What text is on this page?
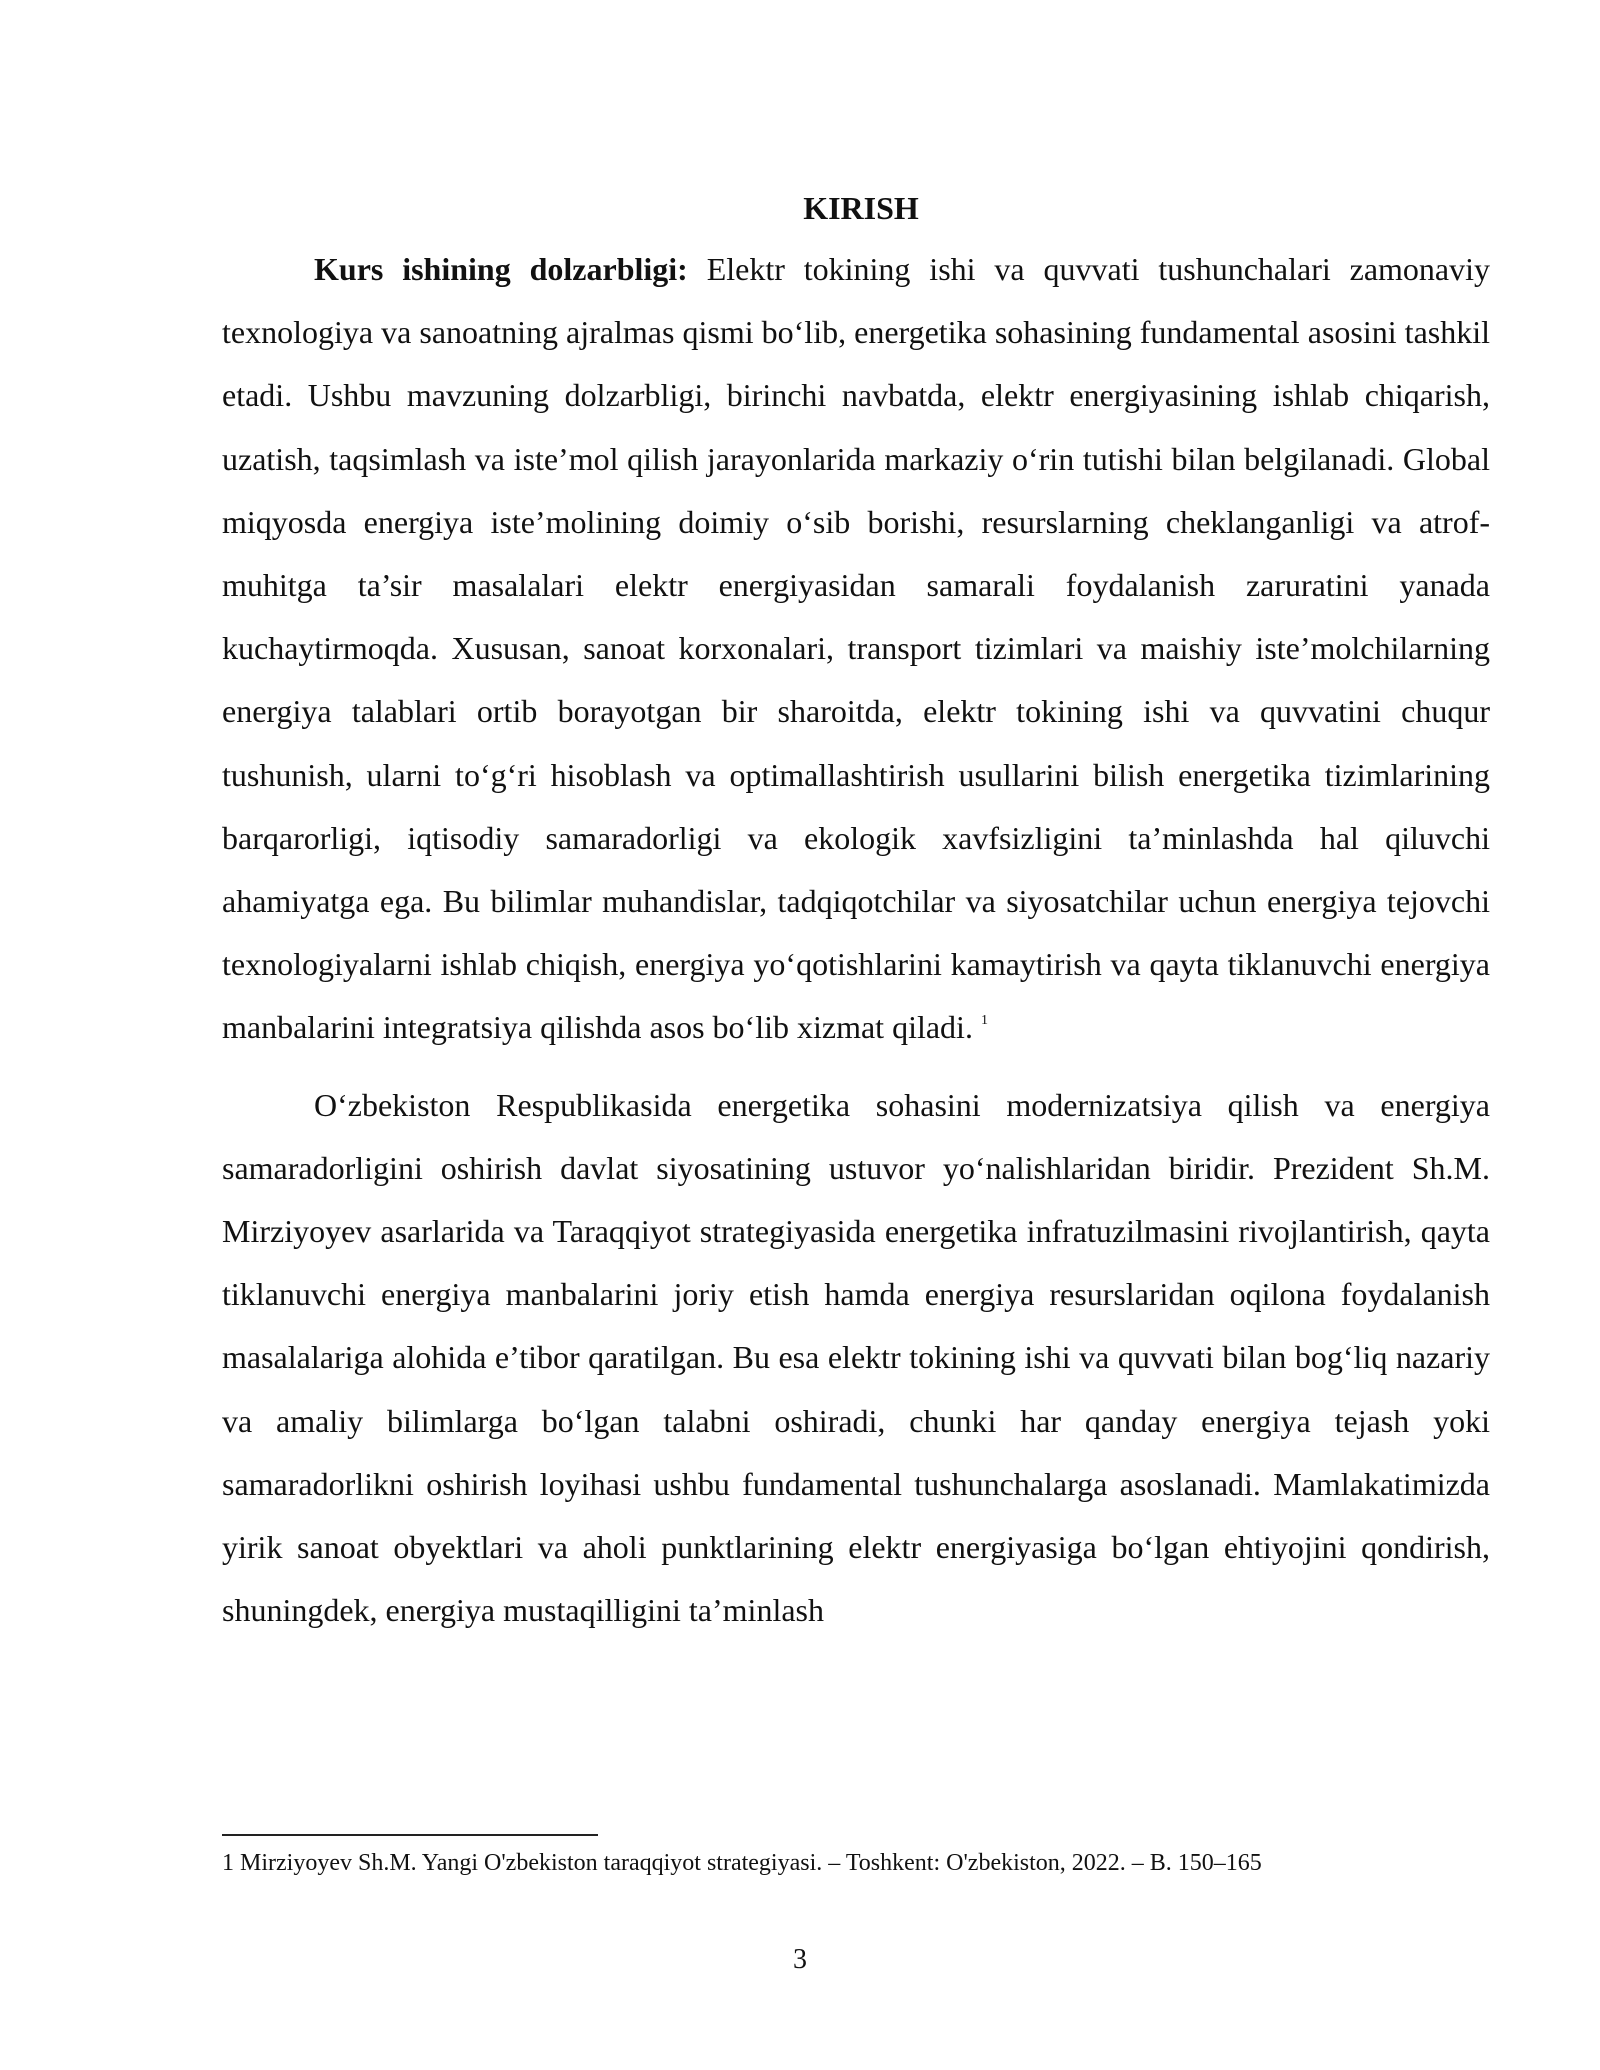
KIRISH

Kurs ishining dolzarbligi: Elektr tokining ishi va quvvati tushunchalari zamonaviy texnologiya va sanoatning ajralmas qismi bo‘lib, energetika sohasining fundamental asosini tashkil etadi. Ushbu mavzuning dolzarbligi, birinchi navbatda, elektr energiyasining ishlab chiqarish, uzatish, taqsimlash va iste’mol qilish jarayonlarida markaziy o‘rin tutishi bilan belgilanadi. Global miqyosda energiya iste’molining doimiy o‘sib borishi, resurslarning cheklanganligi va atrof-muhitga ta’sir masalalari elektr energiyasidan samarali foydalanish zaruratini yanada kuchaytirmoqda. Xususan, sanoat korxonalari, transport tizimlari va maishiy iste’molchilarning energiya talablari ortib borayotgan bir sharoitda, elektr tokining ishi va quvvatini chuqur tushunish, ularni to‘g‘ri hisoblash va optimallashtirish usullarini bilish energetika tizimlarining barqarorligi, iqtisodiy samaradorligi va ekologik xavfsizligini ta’minlashda hal qiluvchi ahamiyatga ega. Bu bilimlar muhandislar, tadqiqotchilar va siyosatchilar uchun energiya tejovchi texnologiyalarni ishlab chiqish, energiya yo‘qotishlarini kamaytirish va qayta tiklanuvchi energiya manbalarini integratsiya qilishda asos bo‘lib xizmat qiladi. $^1$

O‘zbekiston Respublikasida energetika sohasini modernizatsiya qilish va energiya samaradorligini oshirish davlat siyosatining ustuvor yo‘nalishlaridan biridir. Prezident Sh.M. Mirziyoyev asarlarida va Taraqqiyot strategiyasida energetika infratuzilmasini rivojlantirish, qayta tiklanuvchi energiya manbalarini joriy etish hamda energiya resurslaridan oqilona foydalanish masalalariga alohida e’tibor qaratilgan. Bu esa elektr tokining ishi va quvvati bilan bog‘liq nazariy va amaliy bilimlarga bo‘lgan talabni oshiradi, chunki har qanday energiya tejash yoki samaradorlikni oshirish loyihasi ushbu fundamental tushunchalarga asoslanadi. Mamlakatimizda yirik sanoat obyektlari va aholi punktlarining elektr energiyasiga bo‘lgan ehtiyojini qondirish, shuningdek, energiya mustaqilligini ta’minlash

1 Mirziyoyev Sh.M. Yangi O'zbekiston taraqqiyot strategiyasi. – Toshkent: O'zbekiston, 2022. – B. 150–165
3
